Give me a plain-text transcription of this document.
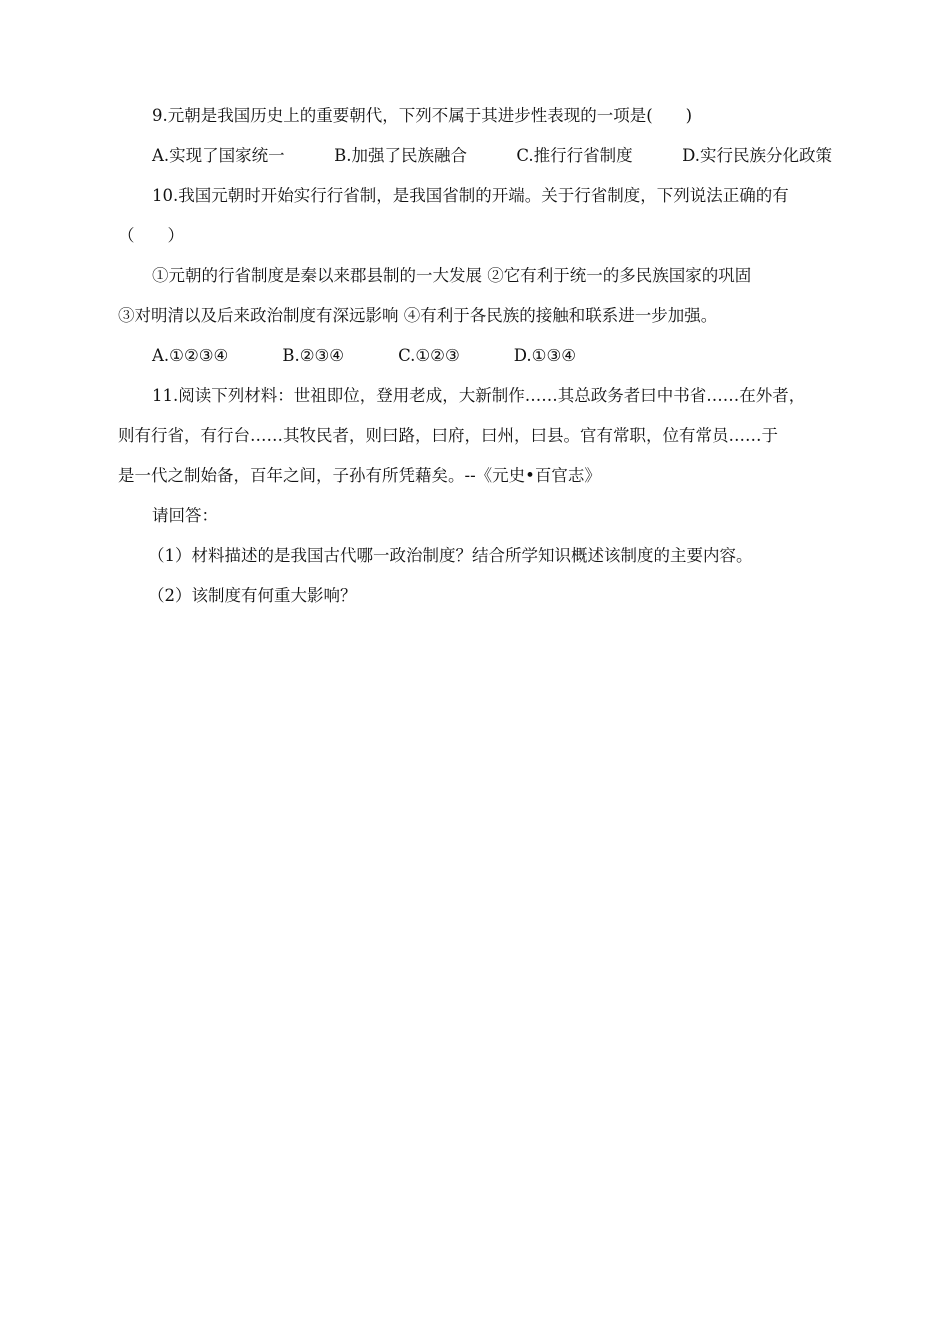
9.元朝是我国历史上的重要朝代，下列不属于其进步性表现的一项是(　　)
A.实现了国家统一	B.加强了民族融合	C.推行行省制度	D.实行民族分化政策
10.我国元朝时开始实行行省制，是我国省制的开端。关于行省制度，下列说法正确的有
（　　）
①元朝的行省制度是秦以来郡县制的一大发展 ②它有利于统一的多民族国家的巩固
③对明清以及后来政治制度有深远影响 ④有利于各民族的接触和联系进一步加强。
A.①②③④	B.②③④	C.①②③	D.①③④
11.阅读下列材料：世祖即位，登用老成，大新制作……其总政务者曰中书省……在外者，
则有行省，有行台……其牧民者，则曰路，曰府，曰州，曰县。官有常职，位有常员……于
是一代之制始备，百年之间，子孙有所凭藉矣。--《元史•百官志》
请回答：
（1）材料描述的是我国古代哪一政治制度？结合所学知识概述该制度的主要内容。
（2）该制度有何重大影响？
